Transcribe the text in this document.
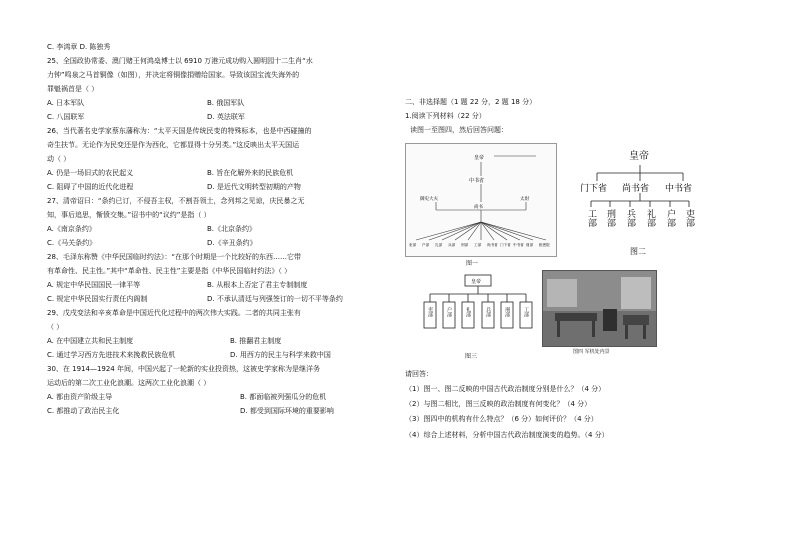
C. 李鸿章 D. 陈独秀
25、全国政协常委、澳门赌王何鸿燊博士以 6910 万港元成功购入圆明园十二生肖“水
力钟”鸣泉之马首铜像（如图），并决定将铜像捐赠给国家。导致该国宝流失海外的
罪魁祸首是（ ）
A. 日本军队	B. 俄国军队
C. 八国联军	D. 英法联军
26、当代著名史学家蔡东藩称为：“太平天国是传统民变的特殊标本，也是中西碰撞的
奇生扶节。无论作为民变还是作为西化，它都显得十分另类。”这反映出太平天国运
动（ ）
A. 仍是一场旧式的农民起义	B. 旨在化解外来的民族危机
C. 阻碍了中国的近代化进程	D. 是近代文明转型初期的产物
27、清帝诏曰：“条约已订，不侵吾主权，不割吾领土，念列邦之见谅，庆民暴之无
知，事后追思，惭愤交集。”诏书中的“议约”是指（ ）
A.《南京条约》	B.《北京条约》
C.《马关条约》	D.《辛丑条约》
28、毛泽东称赞《中华民国临时约法》：“在那个时期是一个比较好的东西……它带
有革命性、民主性。”其中“革命性、民主性”主要是指《中华民国临时约法》（ ）
A. 规定中华民国国民一律平等	B. 从根本上否定了君主专制制度
C. 规定中华民国实行责任内阁制	D. 不承认清廷与列强签订的一切不平等条约
29、戊戌变法和辛亥革命是中国近代化过程中的两次伟大实践。二者的共同主张有
（ ）
A. 在中国建立共和民主制度	B. 推翻君主制度
C. 通过学习西方先进技术来挽救民族危机	D. 用西方的民主与科学来救中国
30、在 1914—1924 年间，中国兴起了一轮新的实业投资热，这被史学家称为是继洋务
运动后的第二次工业化浪潮。这两次工业化浪潮（ ）
A. 都由资产阶级主导	B. 都面临被列强瓜分的危机
C. 都推动了政治民主化	D. 都受到国际环境的重要影响
二、非选择题（1 题 22 分，2 题 18 分）
1.阅读下列材料（22 分）
读图一至图四，然后回答问题：
皇帝
中书省
御史大夫
尚书
太尉
吏部 户部 礼部 兵部 刑部 工部 尚书省 门下省 中书省 财部 枢密院
图一
皇帝
门下省 尚书省 中书省
工部 刑部 兵部 礼部 户部 吏部
图二
皇帝
吏部	户部	礼部	兵部	刑部	工部
图三
图四 军机处内景
请回答：
（1）图一、图二反映的中国古代政治制度分别是什么？（4 分）
（2）与图二相比，图三反映的政治制度有何变化？（4 分）
（3）图四中的机构有什么特点？（6 分）如何评价？（4 分）
（4）综合上述材料，分析中国古代政治制度演变的趋势。（4 分）
